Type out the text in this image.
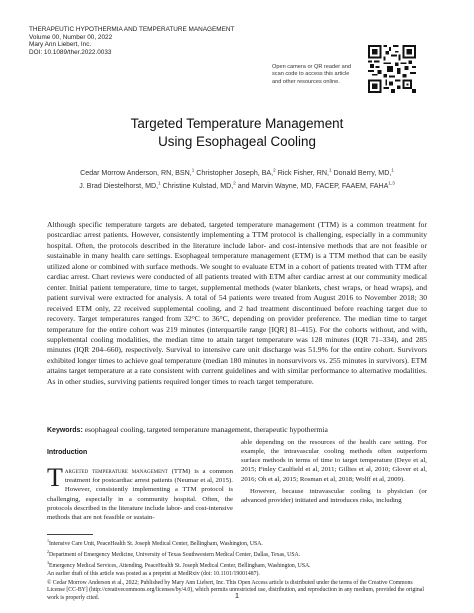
THERAPEUTIC HYPOTHERMIA AND TEMPERATURE MANAGEMENT
Volume 00, Number 00, 2022
Mary Ann Liebert, Inc.
DOI: 10.1089/ther.2022.0033
Open camera or QR reader and
scan code to access this article
and other resources online.
Targeted Temperature Management
Using Esophageal Cooling
Cedar Morrow Anderson, RN, BSN,$^1$ Christopher Joseph, BA,$^2$ Rick Fisher, RN,$^1$ Donald Berry, MD,$^1$
J. Brad Diestelhorst, MD,$^1$ Christine Kulstad, MD,$^2$ and Marvin Wayne, MD, FACEP, FAAEM, FAHA$^{1,3}$
Although specific temperature targets are debated, targeted temperature management (TTM) is a common treatment for postcardiac arrest patients. However, consistently implementing a TTM protocol is challenging, especially in a community hospital. Often, the protocols described in the literature include labor- and cost-intensive methods that are not feasible or sustainable in many health care settings. Esophageal temperature management (ETM) is a TTM method that can be easily utilized alone or combined with surface methods. We sought to evaluate ETM in a cohort of patients treated with TTM after cardiac arrest. Chart reviews were conducted of all patients treated with ETM after cardiac arrest at our community medical center. Initial patient temperature, time to target, supplemental methods (water blankets, chest wraps, or head wraps), and patient survival were extracted for analysis. A total of 54 patients were treated from August 2016 to November 2018; 30 received ETM only, 22 received supplemental cooling, and 2 had treatment discontinued before reaching target due to recovery. Target temperatures ranged from 32°C to 36°C, depending on provider preference. The median time to target temperature for the entire cohort was 219 minutes (interquartile range [IQR] 81–415). For the cohorts without, and with, supplemental cooling modalities, the median time to attain target temperature was 128 minutes (IQR 71–334), and 285 minutes (IQR 204–660), respectively. Survival to intensive care unit discharge was 51.9% for the entire cohort. Survivors exhibited longer times to achieve goal temperature (median 180 minutes in nonsurvivors vs. 255 minutes in survivors). ETM attains target temperature at a rate consistent with current guidelines and with similar performance to alternative modalities. As in other studies, surviving patients required longer times to reach target temperature.
Keywords: esophageal cooling, targeted temperature management, therapeutic hypothermia
Introduction
Targeted temperature management (TTM) is a common treatment for postcardiac arrest patients (Neumar et al, 2015). However, consistently implementing a TTM protocol is challenging, especially in a community hospital. Often, the protocols described in the literature include labor- and cost-intensive methods that are not feasible or sustain-
able depending on the resources of the health care setting. For example, the intravascular cooling methods often outperform surface methods in terms of time to target temperature (Deye et al, 2015; Finley Caulfield et al, 2011; Gillies et al, 2010; Glover et al, 2016; Oh et al, 2015; Rosman et al, 2018; Wolff et al, 2009).
However, because intravascular cooling is physician (or advanced provider) initiated and introduces risks, including
$^1$Intensive Care Unit, PeaceHealth St. Joseph Medical Center, Bellingham, Washington, USA.
$^2$Department of Emergency Medicine, University of Texas Southwestern Medical Center, Dallas, Texas, USA.
$^3$Emergency Medical Services, Attending, PeaceHealth St. Joseph Medical Center, Bellingham, Washington, USA.
An earlier draft of this article was posted as a preprint at MedRxiv (doi: 10.1101/19001487).
© Cedar Morrow Anderson et al., 2022; Published by Mary Ann Liebert, Inc. This Open Access article is distributed under the terms of the Creative Commons License [CC-BY] (http://creativecommons.org/licenses/by/4.0), which permits unrestricted use, distribution, and reproduction in any medium, provided the original work is properly cited.	1
